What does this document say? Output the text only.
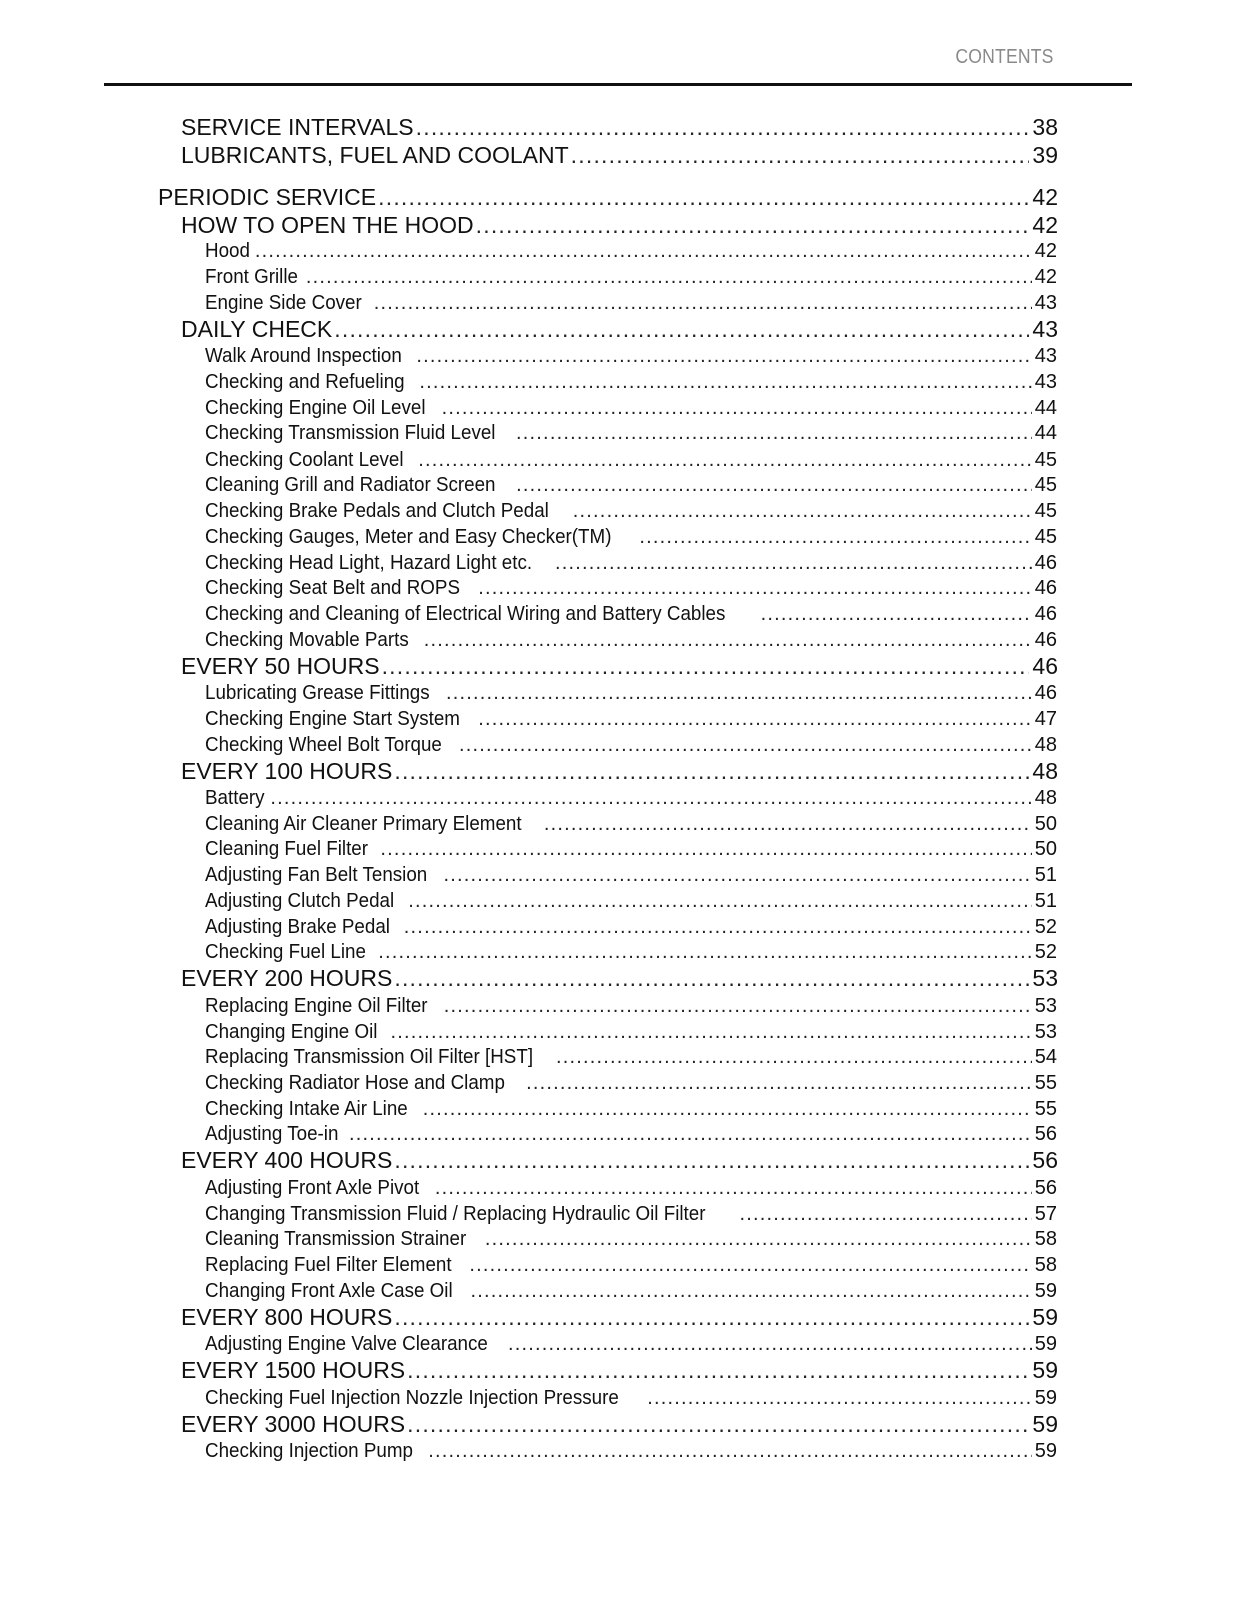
CONTENTS
SERVICE INTERVALS .....	38
LUBRICANTS, FUEL AND COOLANT .....	39
PERIODIC SERVICE .....	42
HOW TO OPEN THE HOOD .....	42
Hood .....	42
Front Grille .....	42
Engine Side Cover .....	43
DAILY CHECK .....	43
Walk Around Inspection .....	43
Checking and Refueling .....	43
Checking Engine Oil Level .....	44
Checking Transmission Fluid Level .....	44
Checking Coolant Level .....	45
Cleaning Grill and Radiator Screen .....	45
Checking Brake Pedals and Clutch Pedal .....	45
Checking Gauges, Meter and Easy Checker(TM) .....	45
Checking Head Light, Hazard Light etc. .....	46
Checking Seat Belt and ROPS .....	46
Checking and Cleaning of Electrical Wiring and Battery Cables .....	46
Checking Movable Parts .....	46
EVERY 50 HOURS .....	46
Lubricating Grease Fittings .....	46
Checking Engine Start System .....	47
Checking Wheel Bolt Torque .....	48
EVERY 100 HOURS .....	48
Battery .....	48
Cleaning Air Cleaner Primary Element .....	50
Cleaning Fuel Filter .....	50
Adjusting Fan Belt Tension .....	51
Adjusting Clutch Pedal .....	51
Adjusting Brake Pedal .....	52
Checking Fuel Line .....	52
EVERY 200 HOURS .....	53
Replacing Engine Oil Filter .....	53
Changing Engine Oil .....	53
Replacing Transmission Oil Filter [HST] .....	54
Checking Radiator Hose and Clamp .....	55
Checking Intake Air Line .....	55
Adjusting Toe-in .....	56
EVERY 400 HOURS .....	56
Adjusting Front Axle Pivot .....	56
Changing Transmission Fluid / Replacing Hydraulic Oil Filter .....	57
Cleaning Transmission Strainer .....	58
Replacing Fuel Filter Element .....	58
Changing Front Axle Case Oil .....	59
EVERY 800 HOURS .....	59
Adjusting Engine Valve Clearance .....	59
EVERY 1500 HOURS .....	59
Checking Fuel Injection Nozzle Injection Pressure .....	59
EVERY 3000 HOURS .....	59
Checking Injection Pump .....	59
